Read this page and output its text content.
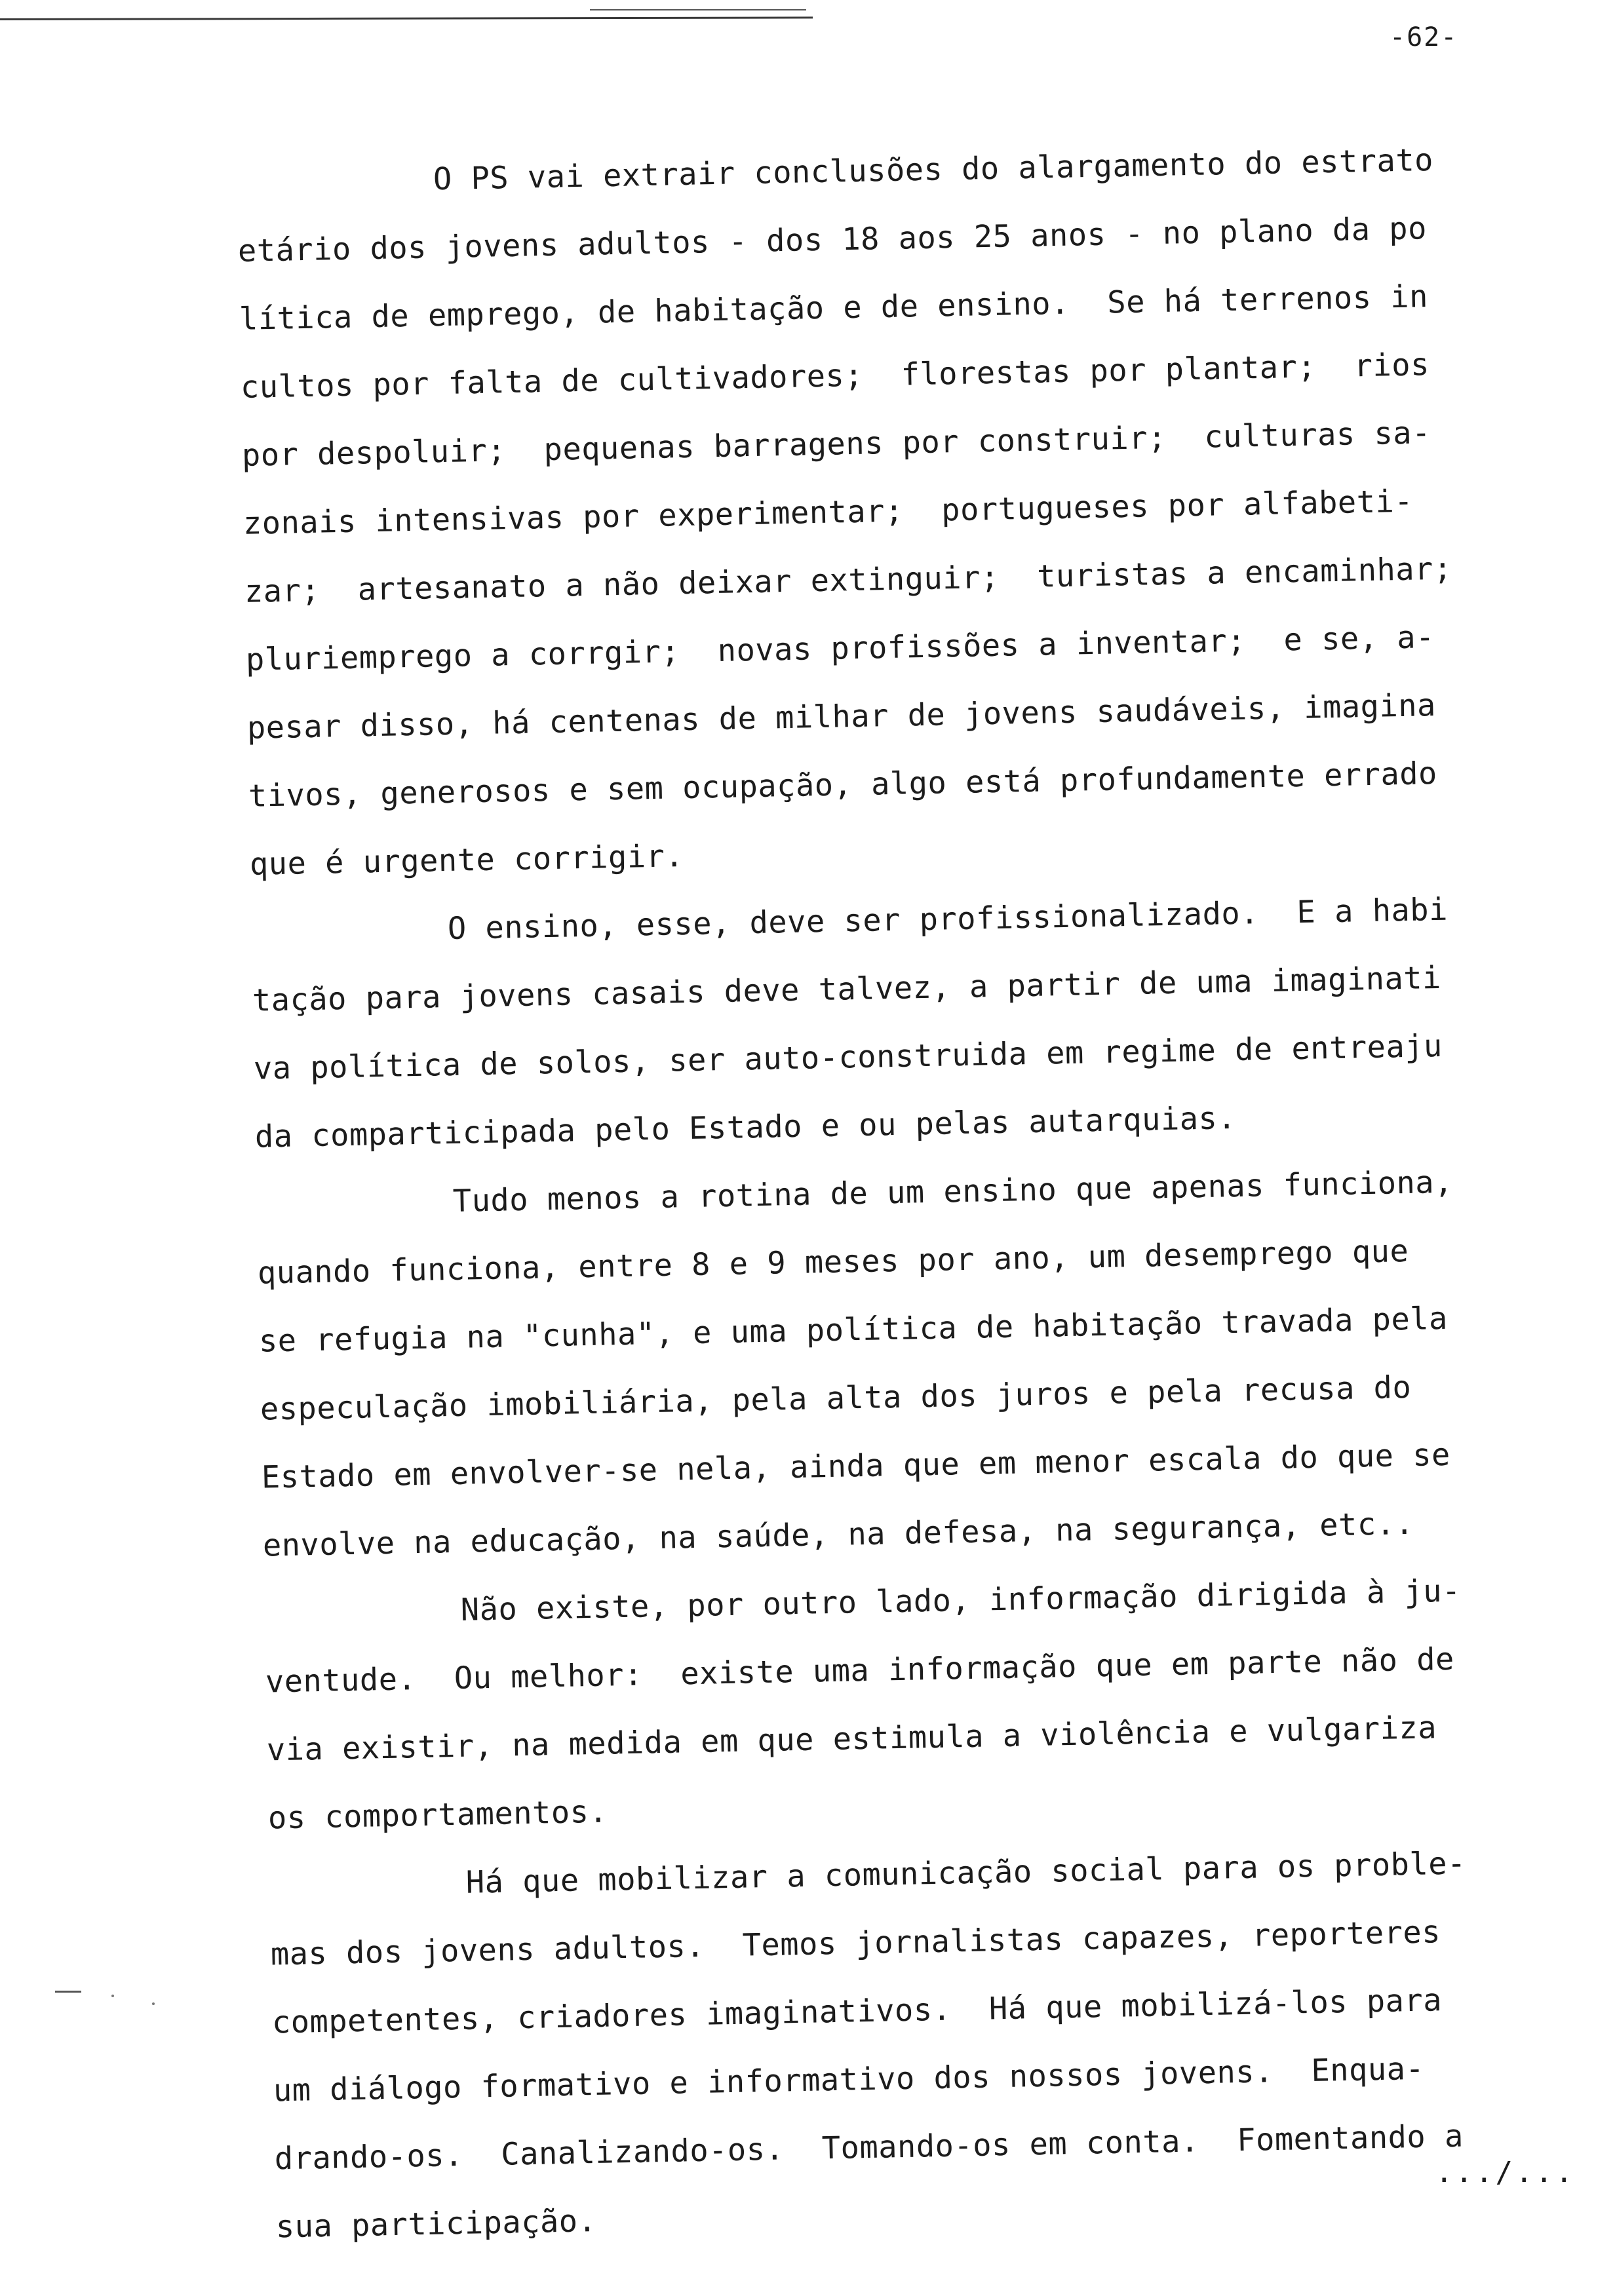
-62-
O PS vai extrair conclusões do alargamento do estrato
etário dos jovens adultos - dos 18 aos 25 anos - no plano da po
lítica de emprego, de habitação e de ensino.  Se há terrenos in
cultos por falta de cultivadores;  florestas por plantar;  rios
por despoluir;  pequenas barragens por construir;  culturas sa-
zonais intensivas por experimentar;  portugueses por alfabeti-
zar;  artesanato a não deixar extinguir;  turistas a encaminhar;
pluriemprego a corrgir;  novas profissões a inventar;  e se, a-
pesar disso, há centenas de milhar de jovens saudáveis, imagina
tivos, generosos e sem ocupação, algo está profundamente errado
que é urgente corrigir.
O ensino, esse, deve ser profissionalizado.  E a habi
tação para jovens casais deve talvez, a partir de uma imaginati
va política de solos, ser auto-construida em regime de entreaju
da comparticipada pelo Estado e ou pelas autarquias.
Tudo menos a rotina de um ensino que apenas funciona,
quando funciona, entre 8 e 9 meses por ano, um desemprego que
se refugia na "cunha", e uma política de habitação travada pela
especulação imobiliária, pela alta dos juros e pela recusa do
Estado em envolver-se nela, ainda que em menor escala do que se
envolve na educação, na saúde, na defesa, na segurança, etc..
Não existe, por outro lado, informação dirigida à ju-
ventude.  Ou melhor:  existe uma informação que em parte não de
via existir, na medida em que estimula a violência e vulgariza
os comportamentos.
Há que mobilizar a comunicação social para os proble-
mas dos jovens adultos.  Temos jornalistas capazes, reporteres
competentes, criadores imaginativos.  Há que mobilizá-los para
um diálogo formativo e informativo dos nossos jovens.  Enqua-
drando-os.  Canalizando-os.  Tomando-os em conta.  Fomentando a
sua participação.
.../...
